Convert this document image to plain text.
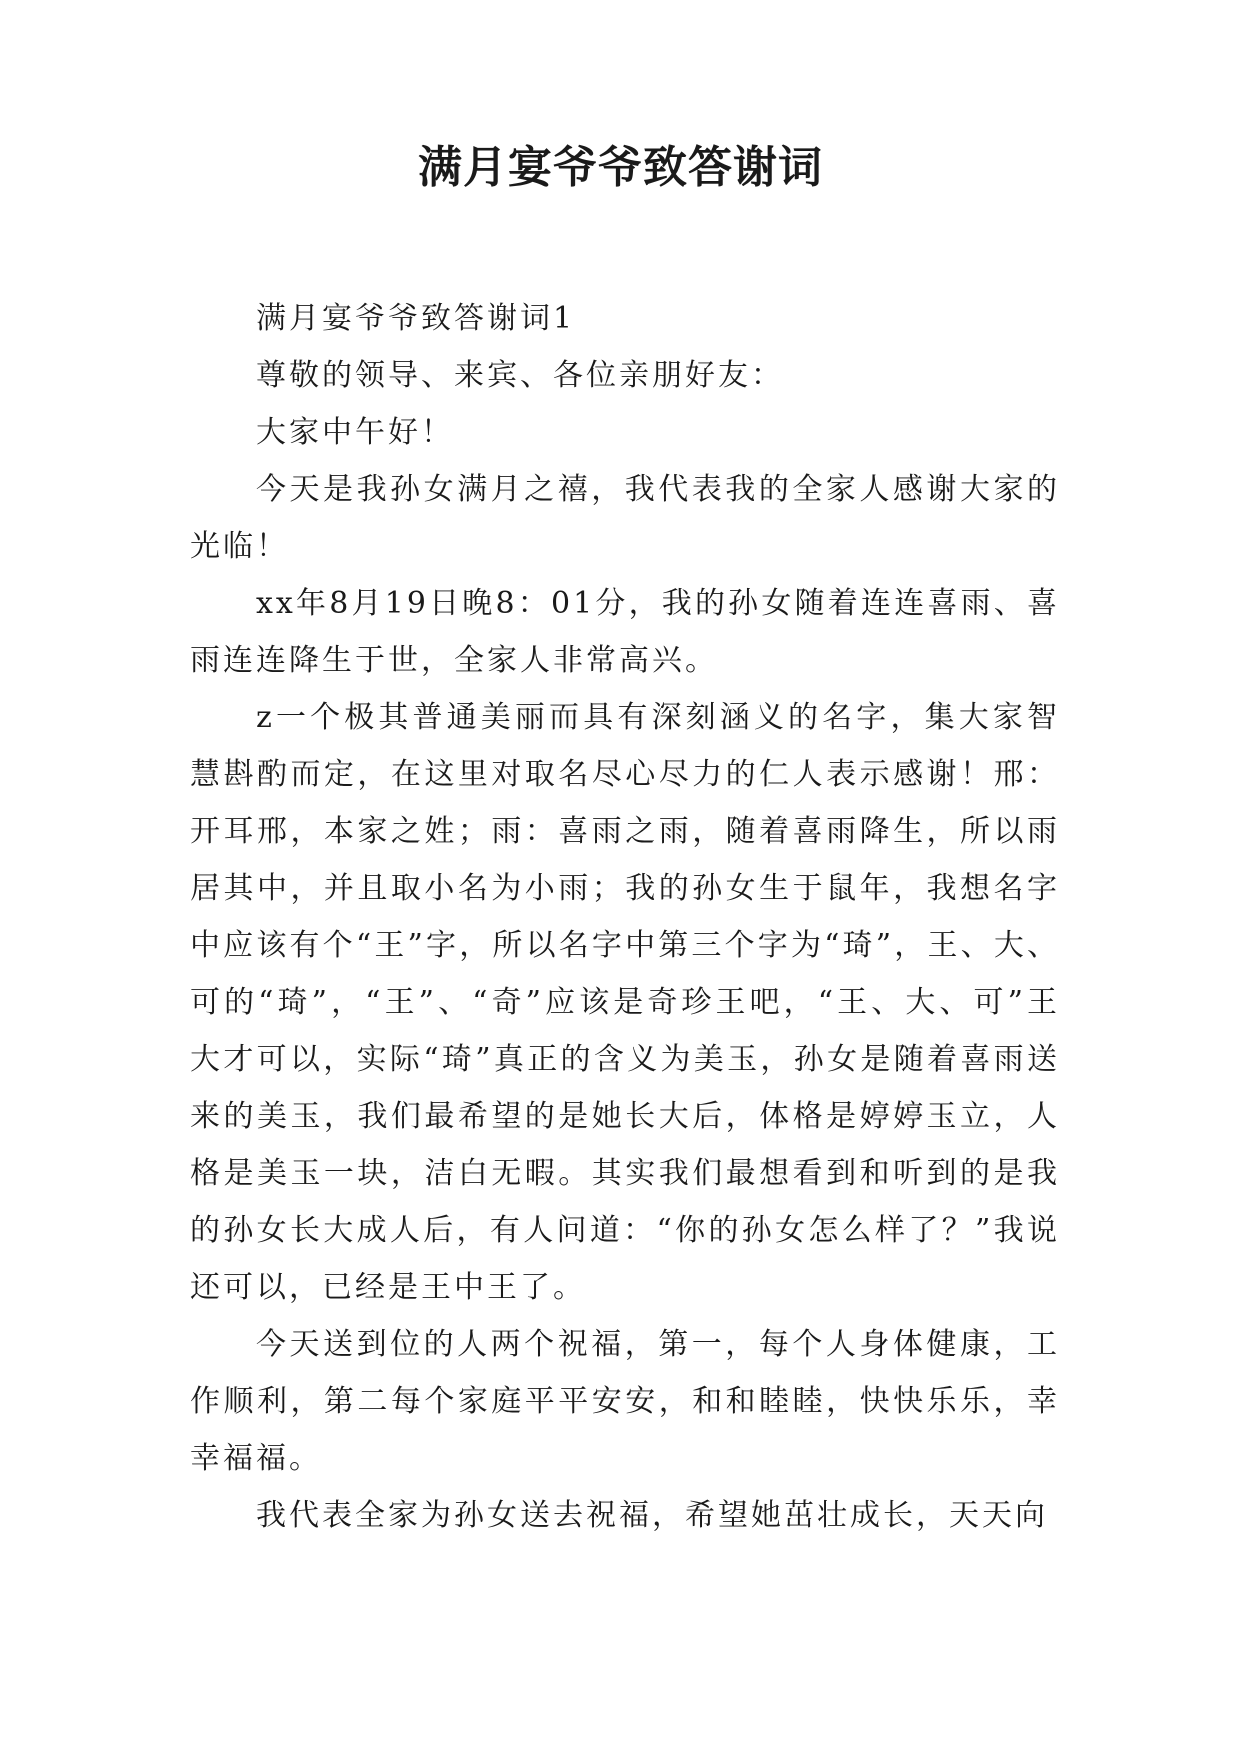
满月宴爷爷致答谢词

满月宴爷爷致答谢词1

尊敬的领导、来宾、各位亲朋好友：

大家中午好！

今天是我孙女满月之禧，我代表我的全家人感谢大家的光临！

xx年8月19日晚8：01分，我的孙女随着连连喜雨、喜雨连连降生于世，全家人非常高兴。

z一个极其普通美丽而具有深刻涵义的名字，集大家智慧斟酌而定，在这里对取名尽心尽力的仁人表示感谢！邢：开耳邢，本家之姓；雨：喜雨之雨，随着喜雨降生，所以雨居其中，并且取小名为小雨；我的孙女生于鼠年，我想名字中应该有个“王”字，所以名字中第三个字为“琦”，王、大、可的“琦”，“王”、“奇”应该是奇珍王吧，“王、大、可”王大才可以，实际“琦”真正的含义为美玉，孙女是随着喜雨送来的美玉，我们最希望的是她长大后，体格是婷婷玉立，人格是美玉一块，洁白无暇。其实我们最想看到和听到的是我的孙女长大成人后，有人问道：“你的孙女怎么样了？”我说还可以，已经是王中王了。

今天送到位的人两个祝福，第一，每个人身体健康，工作顺利，第二每个家庭平平安安，和和睦睦，快快乐乐，幸幸福福。

我代表全家为孙女送去祝福，希望她茁壮成长，天天向
